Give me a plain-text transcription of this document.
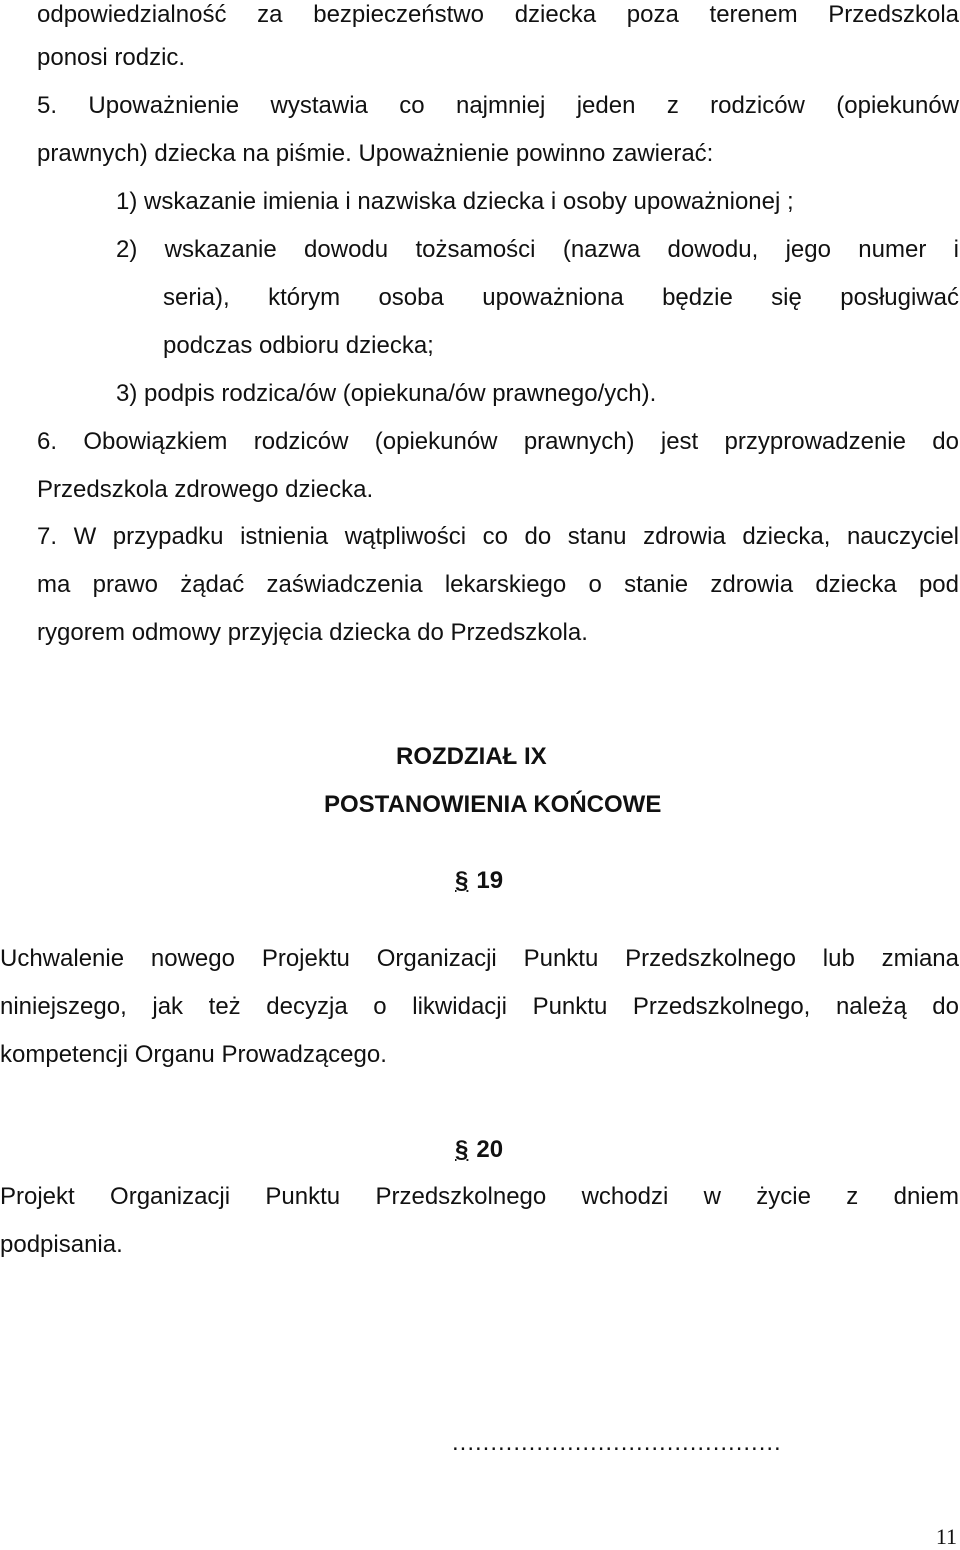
odpowiedzialność za bezpieczeństwo dziecka poza terenem Przedszkola
ponosi rodzic.
5. Upoważnienie wystawia co najmniej jeden z rodziców (opiekunów
prawnych) dziecka na piśmie. Upoważnienie powinno zawierać:
1) wskazanie imienia i nazwiska dziecka i osoby upoważnionej ;
2) wskazanie dowodu tożsamości (nazwa dowodu, jego numer i
seria), którym osoba upoważniona będzie się posługiwać
podczas odbioru dziecka;
3) podpis rodzica/ów (opiekuna/ów prawnego/ych).
6. Obowiązkiem rodziców (opiekunów prawnych) jest przyprowadzenie do
Przedszkola zdrowego dziecka.
7. W przypadku istnienia wątpliwości co do stanu zdrowia dziecka, nauczyciel
ma prawo żądać zaświadczenia lekarskiego o stanie zdrowia dziecka pod
rygorem odmowy przyjęcia dziecka do Przedszkola.
ROZDZIAŁ IX
POSTANOWIENIA KOŃCOWE
§ 19
Uchwalenie nowego Projektu Organizacji Punktu Przedszkolnego lub zmiana
niniejszego, jak też decyzja o likwidacji Punktu Przedszkolnego, należą do
kompetencji Organu Prowadzącego.
§ 20
Projekt Organizacji Punktu Przedszkolnego wchodzi w życie z dniem
podpisania.
...........................................
11
